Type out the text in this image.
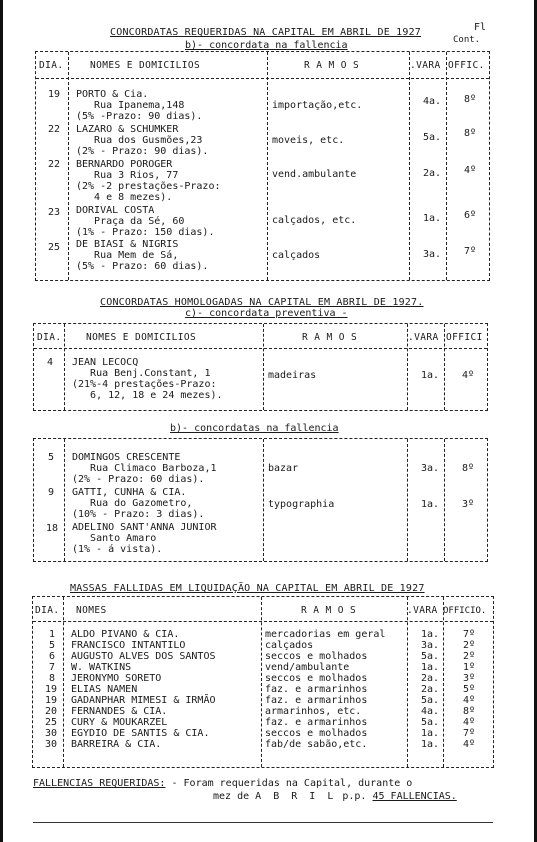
CONCORDATAS REQUERIDAS NA CAPITAL EM ABRIL DE 1927	Fl
Cont.
b)- concordata na fallencia
DIA.	NOMES E DOMICILIOS	R A M O S	.VARA OFFIC.
19 PORTO & Cia.
Rua Ipanema,148
(5% -Prazo: 90 dias).
importação,etc.	4a. 8º
22 LAZARO & SCHUMKER
Rua dos Gusmões,23
(2% - Prazo: 90 dias).
moveis, etc.	5a. 8º
22 BERNARDO POROGER
Rua 3 Rios, 77
(2% -2 prestações-Prazo:
4 e 8 mezes).
vend.ambulante	2a. 4º
23 DORIVAL COSTA
Praça da Sé, 60
(1% - Prazo: 150 dias).
calçados, etc.	1a. 6º
25 DE BIASI & NIGRIS
Rua Mem de Sá,
(5% - Prazo: 60 dias).
calçados	3a. 7º
CONCORDATAS HOMOLOGADAS NA CAPITAL EM ABRIL DE 1927.
c)- concordata preventiva -
DIA.	NOMES E DOMICILIOS	R A M O S	.VARA OFFICI
4 JEAN LECOCQ
Rua Benj.Constant, 1
(21%-4 prestações-Prazo:
6, 12, 18 e 24 mezes).
madeiras	1a. 4º
b)- concordatas na fallencia
5 DOMINGOS CRESCENTE
Rua Climaco Barboza,1
(2% - Prazo: 60 dias).
bazar	3a. 8º
9 GATTI, CUNHA & CIA.
Rua do Gazometro,
(10% - Prazo: 3 dias).
typographia	1a. 3º
18 ADELINO SANT'ANNA JUNIOR
Santo Amaro
(1% - á vista).
MASSAS FALLIDAS EM LIQUIDAÇÃO NA CAPITAL EM ABRIL DE 1927
DIA. NOMES	R A M O S	.VARA OFFICIO.
1 ALDO PIVANO & CIA.	mercadorias em geral	1a. 7º
5 FRANCISCO INTANTILO	calçados	3a. 2º
6 AUGUSTO ALVES DOS SANTOS	seccos e molhados	5a. 2º
7 W. WATKINS	vend/ambulante	1a. 1º
8 JERONYMO SORETO	seccos e molhados	2a. 3º
19 ELIAS NAMEN	faz. e armarinhos	2a. 5º
19 GADANPHAR MIMESI & IRMÃO	faz. e armarinhos	5a. 4º
20 FERNANDES & CIA.	armarinhos, etc.	4a. 8º
25 CURY & MOUKARZEL	faz. e armarinhos	5a. 4º
30 EGYDIO DE SANTIS & CIA.	seccos e molhados	1a. 7º
30 BARREIRA & CIA.	fab/de sabão,etc.	1a. 4º
FALLENCIAS REQUERIDAS: - Foram requeridas na Capital, durante o
mez de A B R I L p.p. 45 FALLENCIAS.
